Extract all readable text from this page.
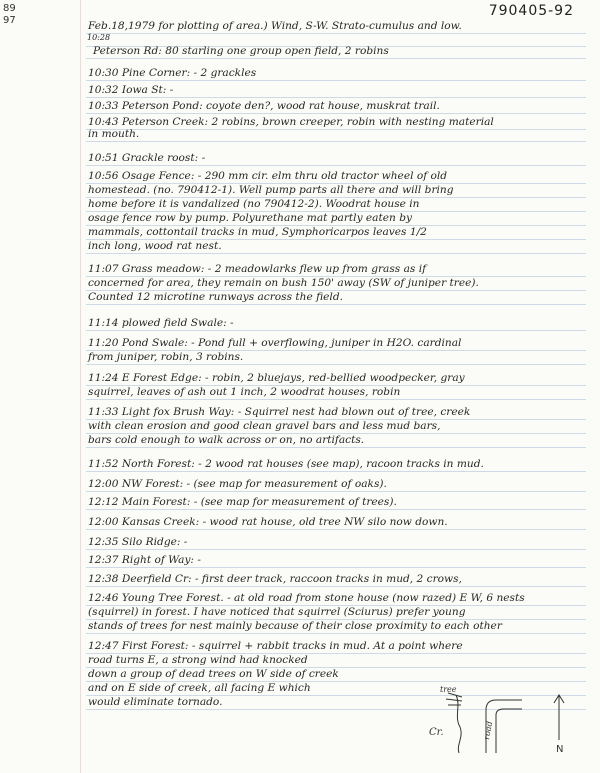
89
97
790405-92
Feb.18,1979 for plotting of area.) Wind, S-W. Strato-cumulus and low.
10:28
Peterson Rd: 80 starling one group open field, 2 robins
10:30 Pine Corner: - 2 grackles
10:32 Iowa St: -
10:33 Peterson Pond: coyote den?, wood rat house, muskrat trail.
10:43 Peterson Creek: 2 robins, brown creeper, robin with nesting material
in mouth.
10:51 Grackle roost: -
10:56 Osage Fence: - 290 mm cir. elm thru old tractor wheel of old
homestead. (no. 790412-1). Well pump parts all there and will bring
home before it is vandalized (no 790412-2). Woodrat house in
osage fence row by pump. Polyurethane mat partly eaten by
mammals, cottontail tracks in mud, Symphoricarpos leaves 1/2
inch long, wood rat nest.
11:07 Grass meadow: - 2 meadowlarks flew up from grass as if
concerned for area, they remain on bush 150' away (SW of juniper tree).
Counted 12 microtine runways across the field.
11:14 plowed field Swale: -
11:20 Pond Swale: - Pond full + overflowing, juniper in H2O. cardinal
from juniper, robin, 3 robins.
11:24 E Forest Edge: - robin, 2 bluejays, red-bellied woodpecker, gray
squirrel, leaves of ash out 1 inch, 2 woodrat houses, robin
11:33 Light fox Brush Way: - Squirrel nest had blown out of tree, creek
with clean erosion and good clean gravel bars and less mud bars,
bars cold enough to walk across or on, no artifacts.
11:52 North Forest: - 2 wood rat houses (see map), racoon tracks in mud.
12:00 NW Forest: - (see map for measurement of oaks).
12:12 Main Forest: - (see map for measurement of trees).
12:00 Kansas Creek: - wood rat house, old tree NW silo now down.
12:35 Silo Ridge: -
12:37 Right of Way: -
12:38 Deerfield Cr: - first deer track, raccoon tracks in mud, 2 crows,
12:46 Young Tree Forest. - at old road from stone house (now razed) E W, 6 nests
(squirrel) in forest. I have noticed that squirrel (Sciurus) prefer young
stands of trees for nest mainly because of their close proximity to each other
12:47 First Forest: - squirrel + rabbit tracks in mud. At a point where
road turns E, a strong wind had knocked
down a group of dead trees on W side of creek
and on E side of creek, all facing E which
would eliminate tornado.
tree
Cr.	road
N
